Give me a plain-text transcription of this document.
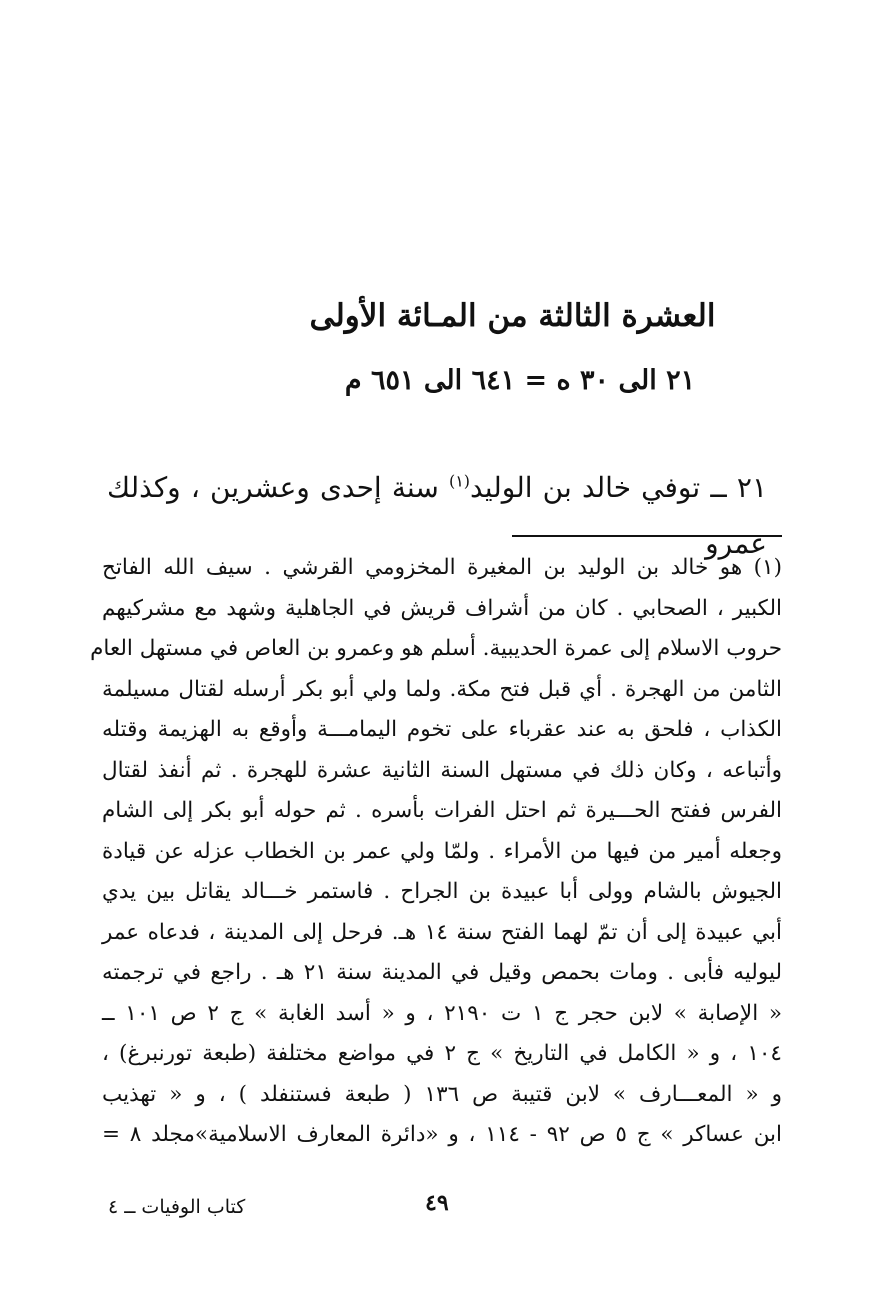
العشرة الثالثة من المـائة الأولى
٢١ الى ٣٠ ه = ٦٤١ الى ٦٥١ م
٢١ ــ توفي خالد بن الوليد$^{(١)}$ سنة إحدى وعشرين ، وكذلك عمرو
(١) هو خالد بن الوليد بن المغيرة المخزومي القرشي . سيف الله الفاتح
الكبير ، الصحابي . كان من أشراف قريش في الجاهلية وشهد مع مشركيهم
حروب الاسلام إلى عمرة الحديبية. أسلم هو وعمرو بن العاص في مستهل العام
الثامن من الهجرة . أي قبل فتح مكة. ولما ولي أبو بكر أرسله لقتال مسيلمة
الكذاب ، فلحق به عند عقرباء على تخوم اليمامـــة وأوقع به الهزيمة وقتله
وأتباعه ، وكان ذلك في مستهل السنة الثانية عشرة للهجرة . ثم أنفذ لقتال
الفرس ففتح الحـــيرة ثم احتل الفرات بأسره . ثم حوله أبو بكر إلى الشام
وجعله أمير من فيها من الأمراء . ولمّا ولي عمر بن الخطاب عزله عن قيادة
الجيوش بالشام وولى أبا عبيدة بن الجراح . فاستمر خـــالد يقاتل بين يدي
أبي عبيدة إلى أن تمّ لهما الفتح سنة ١٤ هـ. فرحل إلى المدينة ، فدعاه عمر
ليوليه فأبى . ومات بحمص وقيل في المدينة سنة ٢١ هـ . راجع في ترجمته
« الإصابة » لابن حجر ج ١ ت ٢١٩٠ ، و « أسد الغابة » ج ٢ ص ١٠١ ــ
١٠٤ ، و « الكامل في التاريخ » ج ٢ في مواضع مختلفة (طبعة تورنبرغ) ،
و « المعـــارف » لابن قتيبة ص ١٣٦ ( طبعة فستنفلد ) ، و « تهذيب
ابن عساكر » ج ٥ ص ٩٢ - ١١٤ ، و «دائرة المعارف الاسلامية»مجلد ٨ =
٤٩
كتاب الوفيات ــ ٤
